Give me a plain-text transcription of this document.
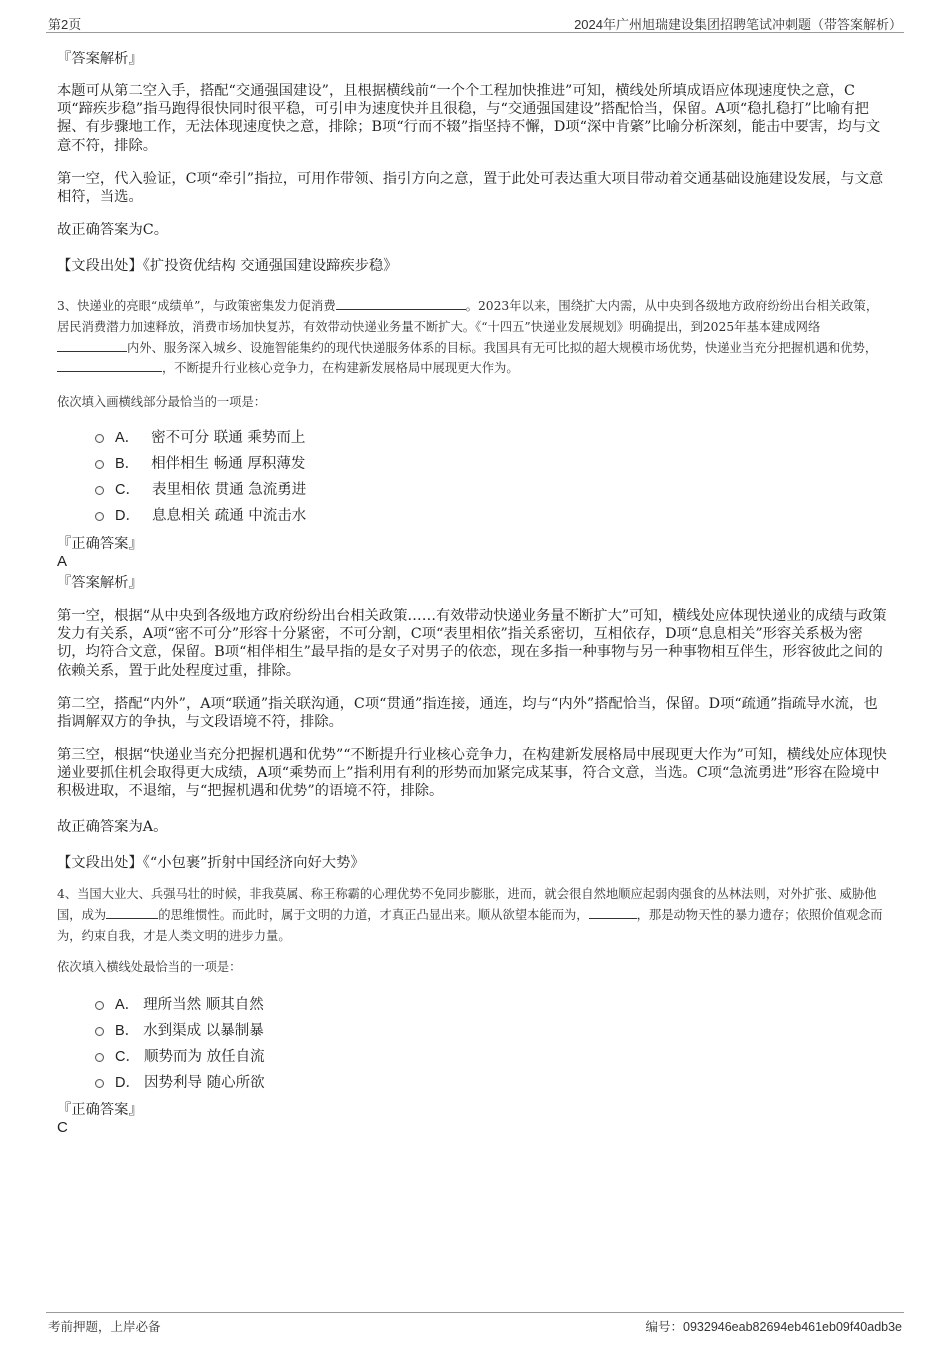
第2页	2024年广州旭瑞建设集团招聘笔试冲刺题（带答案解析）
『答案解析』

本题可从第二空入手，搭配“交通强国建设”，且根据横线前“一个个工程加快推进”可知，横线处所填成语应体现速度快之意，C项“蹄疾步稳”指马跑得很快同时很平稳，可引申为速度快并且很稳，与“交通强国建设”搭配恰当，保留。A项“稳扎稳打”比喻有把握、有步骤地工作，无法体现速度快之意，排除；B项“行而不辍”指坚持不懈，D项“深中肯綮”比喻分析深刻，能击中要害，均与文意不符，排除。

第一空，代入验证，C项“牵引”指拉，可用作带领、指引方向之意，置于此处可表达重大项目带动着交通基础设施建设发展，与文意相符，当选。

故正确答案为C。

【文段出处】《扩投资优结构 交通强国建设蹄疾步稳》
3、快递业的亮眼“成绩单”，与政策密集发力促消费	。2023年以来，围绕扩大内需，从中央到各级地方政府纷纷出台相关政策，居民消费潜力加速释放，消费市场加快复苏，有效带动快递业务量不断扩大。《“十四五”快递业发展规划》明确提出，到2025年基本建成网络内外、服务深入城乡、设施智能集约的现代快递服务体系的目标。我国具有无可比拟的超大规模市场优势，快递业当充分把握机遇和优势，，不断提升行业核心竞争力，在构建新发展格局中展现更大作为。
依次填入画横线部分最恰当的一项是：
A． 密不可分 联通 乘势而上
B． 相伴相生 畅通 厚积薄发
C． 表里相依 贯通 急流勇进
D． 息息相关 疏通 中流击水
『正确答案』
A
『答案解析』

第一空，根据“从中央到各级地方政府纷纷出台相关政策……有效带动快递业务量不断扩大”可知，横线处应体现快递业的成绩与政策发力有关系，A项“密不可分”形容十分紧密，不可分割，C项“表里相依”指关系密切，互相依存，D项“息息相关”形容关系极为密切，均符合文意，保留。B项“相伴相生”最早指的是女子对男子的依恋，现在多指一种事物与另一种事物相互伴生，形容彼此之间的依赖关系，置于此处程度过重，排除。

第二空，搭配“内外”，A项“联通”指关联沟通，C项“贯通”指连接，通连，均与“内外”搭配恰当，保留。D项“疏通”指疏导水流，也指调解双方的争执，与文段语境不符，排除。

第三空，根据“快递业当充分把握机遇和优势”“不断提升行业核心竞争力，在构建新发展格局中展现更大作为”可知，横线处应体现快递业要抓住机会取得更大成绩，A项“乘势而上”指利用有利的形势而加紧完成某事，符合文意，当选。C项“急流勇进”形容在险境中积极进取，不退缩，与“把握机遇和优势”的语境不符，排除。

故正确答案为A。

【文段出处】《“小包裹”折射中国经济向好大势》
4、当国大业大、兵强马壮的时候，非我莫属、称王称霸的心理优势不免同步膨胀，进而，就会很自然地顺应起弱肉强食的丛林法则，对外扩张、威胁他国，成为	的思维惯性。而此时，属于文明的力道，才真正凸显出来。顺从欲望本能而为，	，那是动物天性的暴力遗存；依照价值观念而为，约束自我，才是人类文明的进步力量。
依次填入横线处最恰当的一项是：
A． 理所当然 顺其自然
B． 水到渠成 以暴制暴
C． 顺势而为 放任自流
D． 因势利导 随心所欲
『正确答案』
C
考前押题，上岸必备	编号：0932946eab82694eb461eb09f40adb3e
